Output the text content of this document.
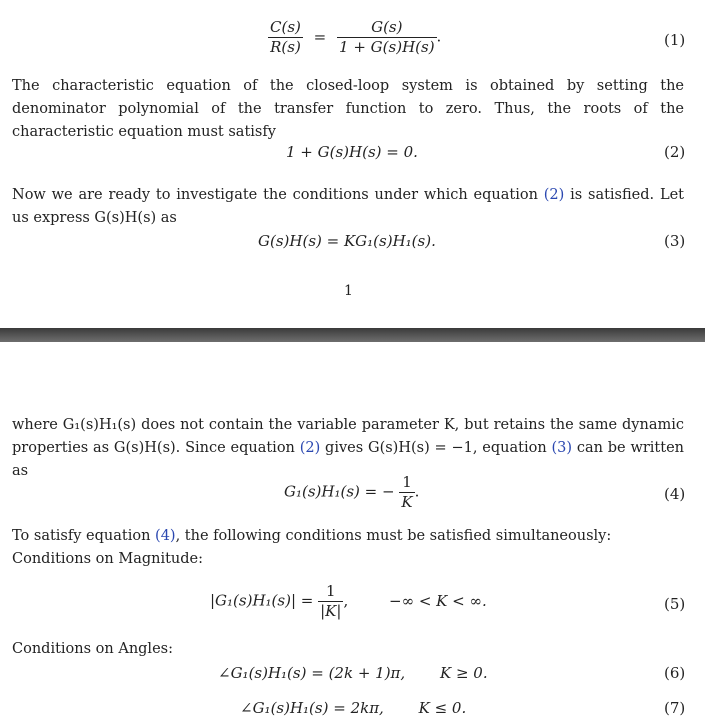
$\frac{C(s)}{R(s)} = \frac{G(s)}{1 + G(s)H(s)}$ .	(1)

The characteristic equation of the closed-loop system is obtained by setting the denominator polynomial of the transfer function to zero. Thus, the roots of the characteristic equation must satisfy

1 + G(s)H(s) = 0.	(2)

Now we are ready to investigate the conditions under which equation (2) is satisfied. Let us express G(s)H(s) as

G(s)H(s) = KG₁(s)H₁(s).	(3)
1

where G₁(s)H₁(s) does not contain the variable parameter K, but retains the same dynamic properties as G(s)H(s). Since equation (2) gives G(s)H(s) = −1, equation (3) can be written as

G₁(s)H₁(s) = − $\frac{1}{K}$ .	(4)

To satisfy equation (4), the following conditions must be satisfied simultaneously:

Conditions on Magnitude:

$|G_1(s)H_1(s)| = \frac{1}{|K|}$ ,	−∞ < K < ∞.	(5)

Conditions on Angles:

∠G₁(s)H₁(s) = (2k + 1)π, K ≥ 0.	(6)
∠G₁(s)H₁(s) = 2kπ, K ≤ 0.	(7)
